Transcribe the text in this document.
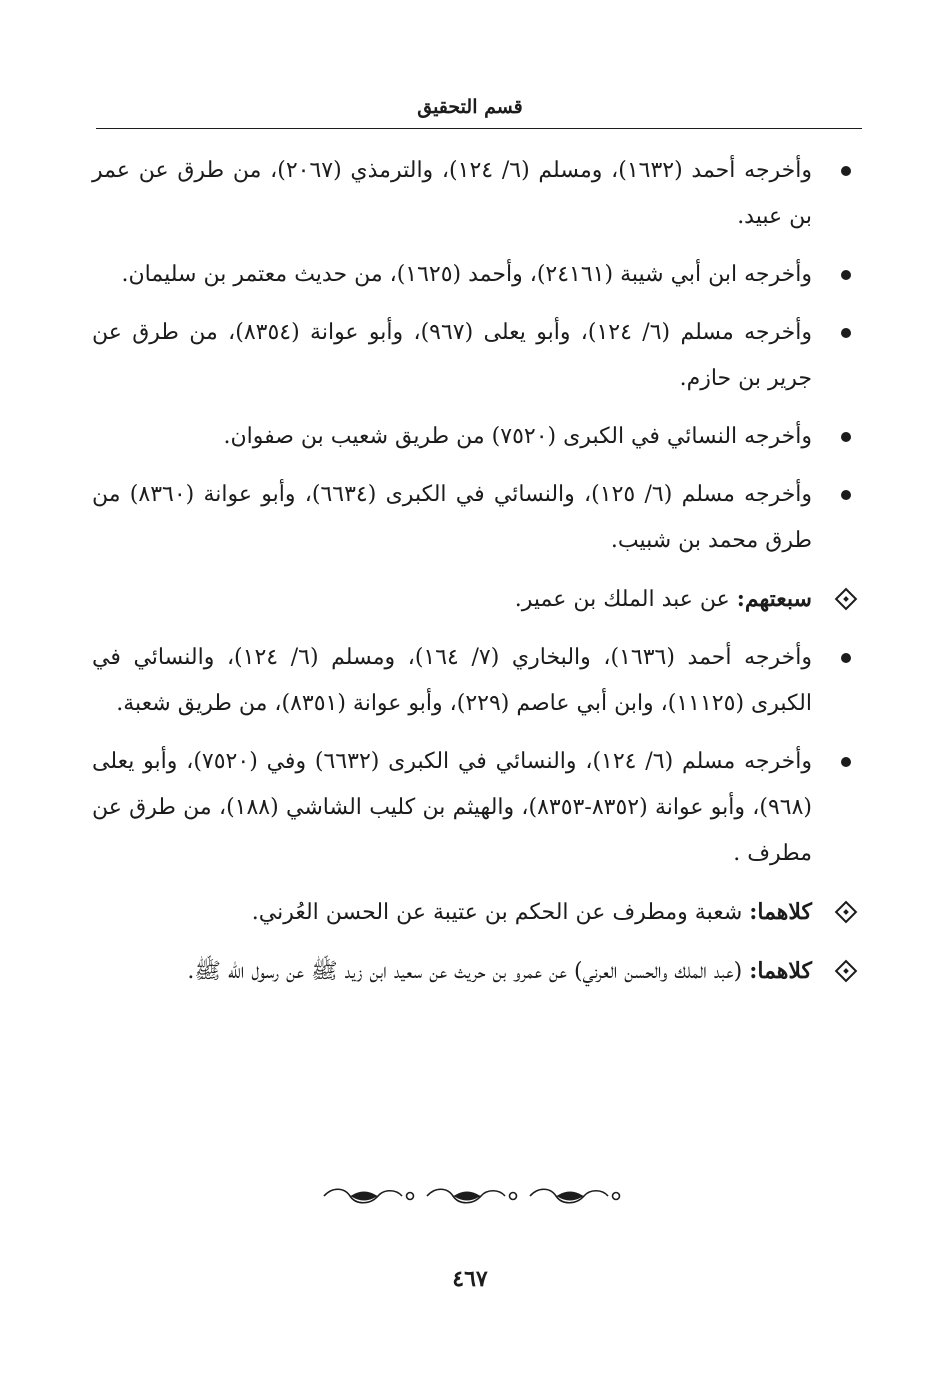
قسم التحقيق
وأخرجه أحمد (١٦٣٢)، ومسلم (٦/ ١٢٤)، والترمذي (٢٠٦٧)، من طرق عن عمر بن عبيد.
وأخرجه ابن أبي شيبة (٢٤١٦١)، وأحمد (١٦٢٥)، من حديث معتمر بن سليمان.
وأخرجه مسلم (٦/ ١٢٤)، وأبو يعلى (٩٦٧)، وأبو عوانة (٨٣٥٤)، من طرق عن جرير بن حازم.
وأخرجه النسائي في الكبرى (٧٥٢٠) من طريق شعيب بن صفوان.
وأخرجه مسلم (٦/ ١٢٥)، والنسائي في الكبرى (٦٦٣٤)، وأبو عوانة (٨٣٦٠) من طرق محمد بن شبيب.
سبعتهم: عن عبد الملك بن عمير.
وأخرجه أحمد (١٦٣٦)، والبخاري (٧/ ١٦٤)، ومسلم (٦/ ١٢٤)، والنسائي في الكبرى (١١١٢٥)، وابن أبي عاصم (٢٢٩)، وأبو عوانة (٨٣٥١)، من طريق شعبة.
وأخرجه مسلم (٦/ ١٢٤)، والنسائي في الكبرى (٦٦٣٢) وفي (٧٥٢٠)، وأبو يعلى (٩٦٨)، وأبو عوانة (٨٣٥٢-٨٣٥٣)، والهيثم بن كليب الشاشي (١٨٨)، من طرق عن مطرف .
كلاهما: شعبة ومطرف عن الحكم بن عتيبة عن الحسن العُرني.
كلاهما: (عبد الملك والحسن العرني) عن عمرو بن حريث عن سعيد ابن زيد ﷺ عن رسول الله ﷺ.
٤٦٧
